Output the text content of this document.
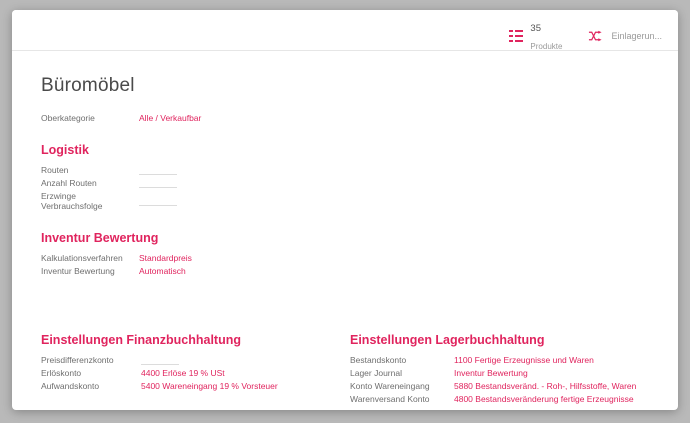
35
Produkte
Einlagerun...
Büromöbel
Oberkategorie	Alle / Verkaufbar
Logistik
Routen
Anzahl Routen
Erzwinge Verbrauchsfolge
Inventur Bewertung
Kalkulationsverfahren	Standardpreis
Inventur Bewertung	Automatisch
Einstellungen Finanzbuchhaltung
Preisdifferenzkonto
Erlöskonto	4400 Erlöse 19 % USt
Aufwandskonto	5400 Wareneingang 19 % Vorsteuer
Einstellungen Lagerbuchhaltung
Bestandskonto	1100 Fertige Erzeugnisse und Waren
Lager Journal	Inventur Bewertung
Konto Wareneingang	5880 Bestandsveränd. - Roh-, Hilfsstoffe, Waren
Warenversand Konto	4800 Bestandsveränderung fertige Erzeugnisse
